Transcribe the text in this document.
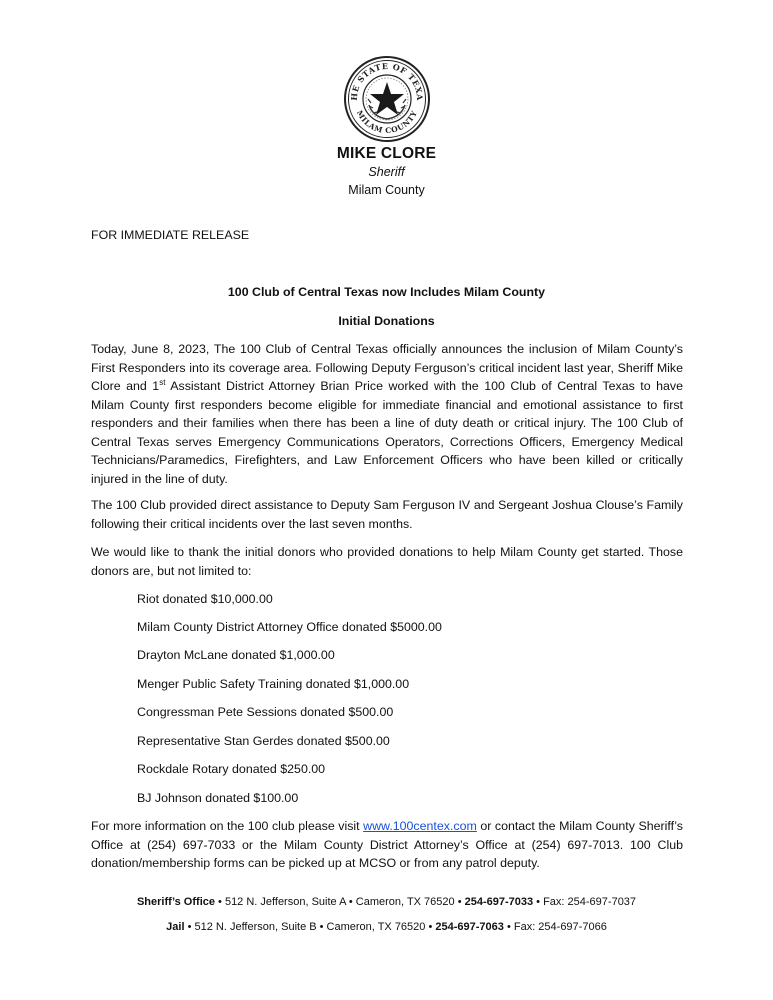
HE STATE OF TEXA
MILAM COUNTY
MIKE CLORE
Sheriff
Milam County
FOR IMMEDIATE RELEASE
100 Club of Central Texas now Includes Milam County
Initial Donations

Today, June 8, 2023, The 100 Club of Central Texas officially announces the inclusion of Milam County’s First Responders into its coverage area. Following Deputy Ferguson’s critical incident last year, Sheriff Mike Clore and 1st Assistant District Attorney Brian Price worked with the 100 Club of Central Texas to have Milam County first responders become eligible for immediate financial and emotional assistance to first responders and their families when there has been a line of duty death or critical injury. The 100 Club of Central Texas serves Emergency Communications Operators, Corrections Officers, Emergency Medical Technicians/Paramedics, Firefighters, and Law Enforcement Officers who have been killed or critically injured in the line of duty.

The 100 Club provided direct assistance to Deputy Sam Ferguson IV and Sergeant Joshua Clouse’s Family following their critical incidents over the last seven months.

We would like to thank the initial donors who provided donations to help Milam County get started. Those donors are, but not limited to:

Riot donated $10,000.00
Milam County District Attorney Office donated $5000.00
Drayton McLane donated $1,000.00
Menger Public Safety Training donated $1,000.00
Congressman Pete Sessions donated $500.00
Representative Stan Gerdes donated $500.00
Rockdale Rotary donated $250.00
BJ Johnson donated $100.00

For more information on the 100 club please visit www.100centex.com or contact the Milam County Sheriff’s Office at (254) 697-7033 or the Milam County District Attorney’s Office at (254) 697-7013. 100 Club donation/membership forms can be picked up at MCSO or from any patrol deputy.

Sheriff’s Office • 512 N. Jefferson, Suite A • Cameron, TX 76520 • 254-697-7033 • Fax: 254-697-7037
Jail • 512 N. Jefferson, Suite B • Cameron, TX 76520 • 254-697-7063 • Fax: 254-697-7066
